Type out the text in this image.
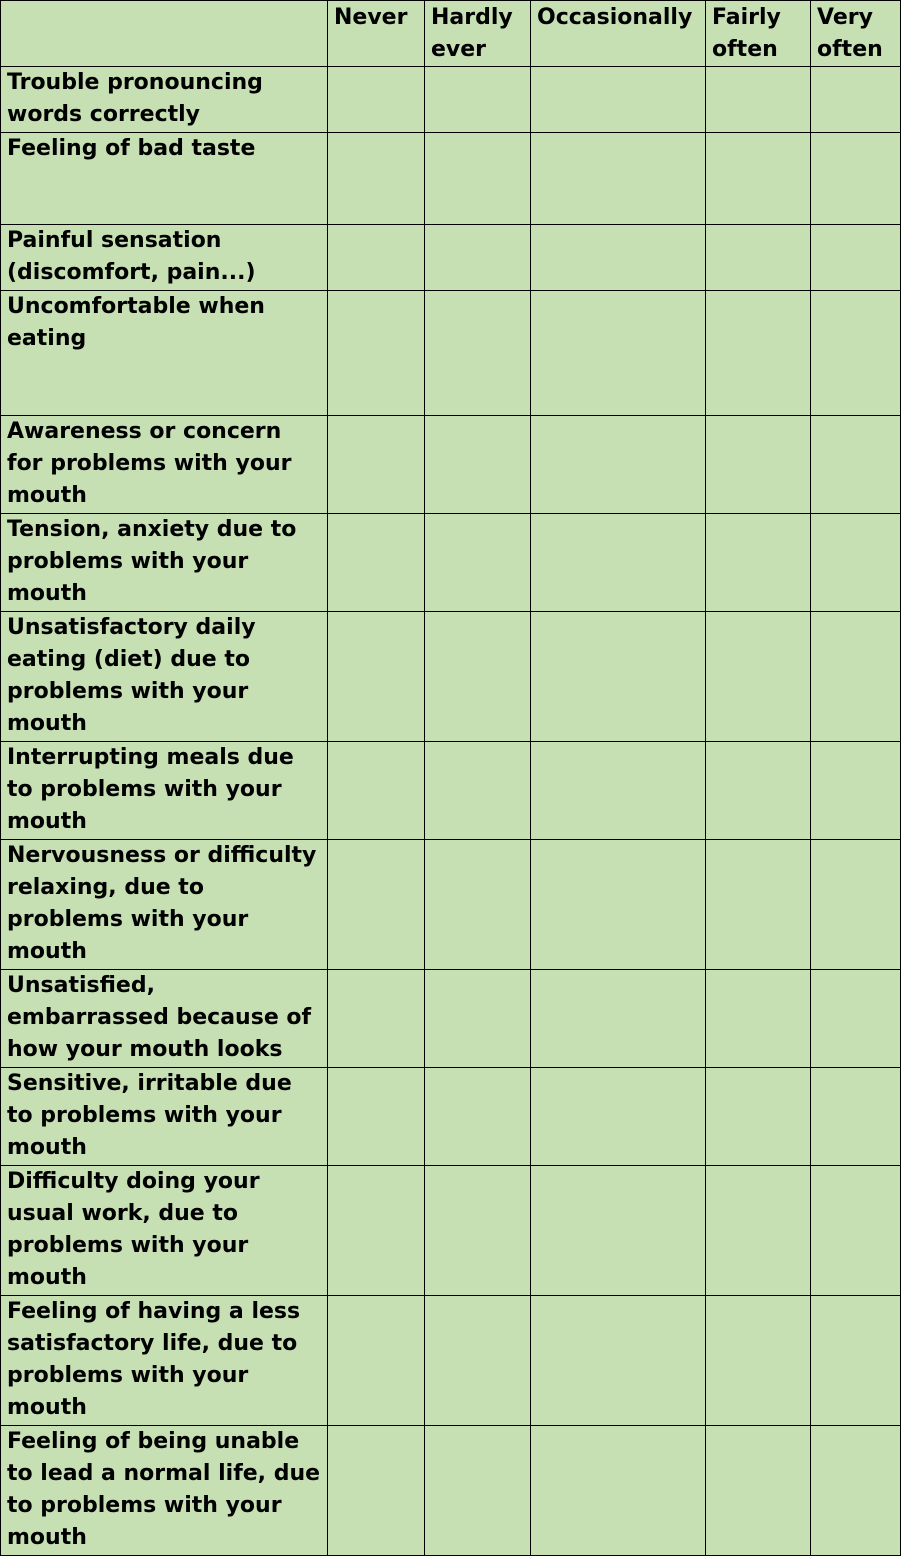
	Never	Hardly ever	Occasionally	Fairly often	Very often
Trouble pronouncing words correctly					
Feeling of bad taste					
Painful sensation (discomfort, pain...)					
Uncomfortable when eating					
Awareness or concern for problems with your mouth					
Tension, anxiety due to problems with your mouth					
Unsatisfactory daily eating (diet) due to problems with your mouth					
Interrupting meals due to problems with your mouth					
Nervousness or difficulty relaxing, due to problems with your mouth					
Unsatisfied, embarrassed because of how your mouth looks					
Sensitive, irritable due to problems with your mouth					
Difficulty doing your usual work, due to problems with your mouth					
Feeling of having a less satisfactory life, due to problems with your mouth					
Feeling of being unable to lead a normal life, due to problems with your mouth					
